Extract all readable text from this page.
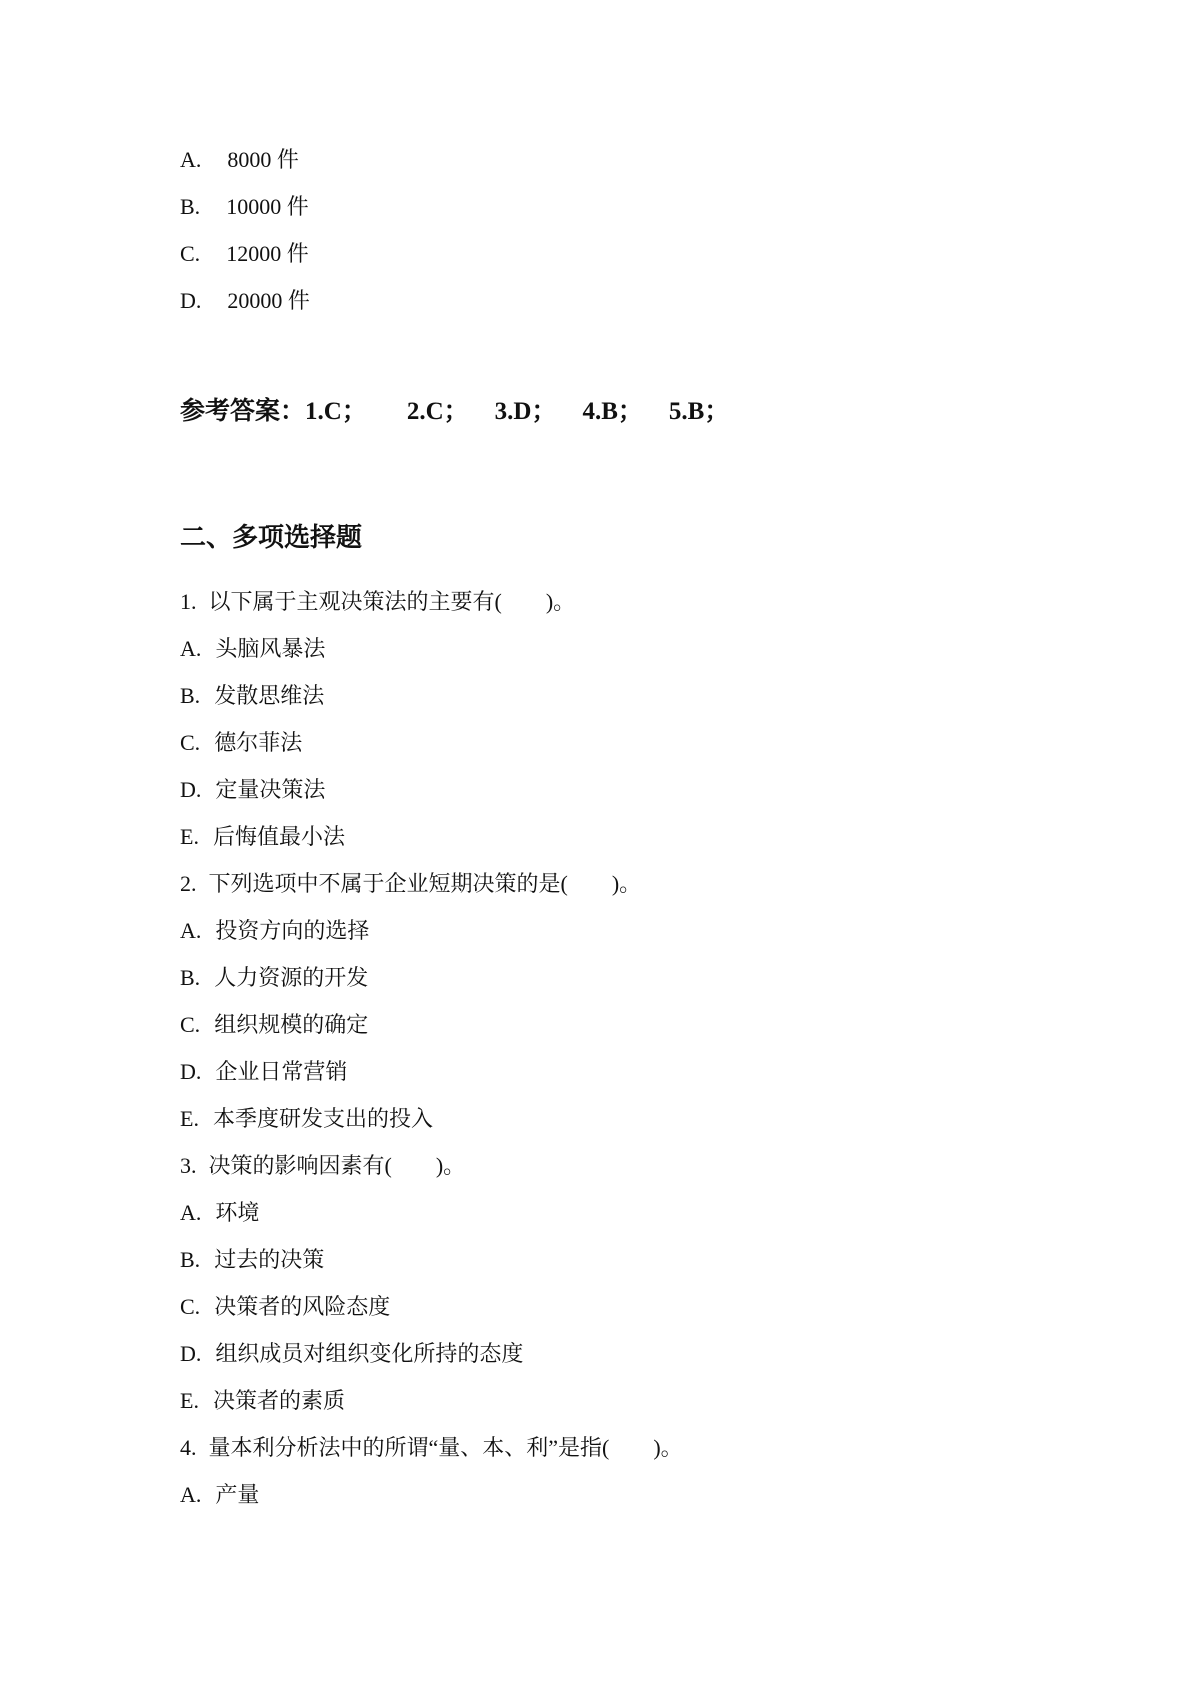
A. 8000 件
B. 10000 件
C. 12000 件
D. 20000 件
参考答案：1.C； 2.C； 3.D； 4.B； 5.B；
二、多项选择题
1. 以下属于主观决策法的主要有(　　)。
A. 头脑风暴法
B. 发散思维法
C. 德尔菲法
D. 定量决策法
E. 后悔值最小法
2. 下列选项中不属于企业短期决策的是(　　)。
A. 投资方向的选择
B. 人力资源的开发
C. 组织规模的确定
D. 企业日常营销
E. 本季度研发支出的投入
3. 决策的影响因素有(　　)。
A. 环境
B. 过去的决策
C. 决策者的风险态度
D. 组织成员对组织变化所持的态度
E. 决策者的素质
4. 量本利分析法中的所谓“量、本、利”是指(　　)。
A. 产量
